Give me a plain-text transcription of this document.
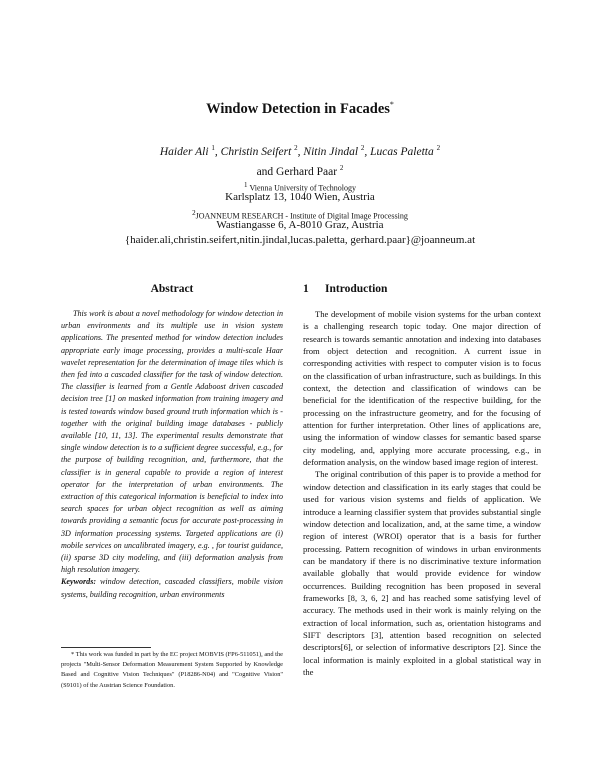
Window Detection in Facades*
Haider Ali $^1$, Christin Seifert $^2$, Nitin Jindal $^2$, Lucas Paletta $^2$
and Gerhard Paar $^2$
$^1$ Vienna University of Technology
Karlsplatz 13, 1040 Wien, Austria
$^2$JOANNEUM RESEARCH - Institute of Digital Image Processing
Wastiangasse 6, A-8010 Graz, Austria
{haider.ali,christin.seifert,nitin.jindal,lucas.paletta, gerhard.paar}@joanneum.at
Abstract

This work is about a novel methodology for window detection in urban environments and its multiple use in vision system applications. The presented method for window detection includes appropriate early image processing, provides a multi-scale Haar wavelet representation for the determination of image tiles which is then fed into a cascaded classifier for the task of window detection. The classifier is learned from a Gentle Adaboost driven cascaded decision tree [1] on masked information from training imagery and is tested towards window based ground truth information which is - together with the original building image databases - publicly available [10, 11, 13]. The experimental results demonstrate that single window detection is to a sufficient degree successful, e.g., for the purpose of building recognition, and, furthermore, that the classifier is in general capable to provide a region of interest operator for the interpretation of urban environments. The extraction of this categorical information is beneficial to index into search spaces for urban object recognition as well as aiming towards providing a semantic focus for accurate post-processing in 3D information processing systems. Targeted applications are (i) mobile services on uncalibrated imagery, e.g. , for tourist guidance, (ii) sparse 3D city modeling, and (iii) deformation analysis from high resolution imagery.

Keywords: window detection, cascaded classifiers, mobile vision systems, building recognition, urban environments

* This work was funded in part by the EC project MOBVIS (FP6-511051), and the projects "Multi-Sensor Deformation Measurement System Supported by Knowledge Based and Cognitive Vision Techniques" (P18286-N04) and "Cognitive Vision" (S9101) of the Austrian Science Foundation.

1 Introduction

The development of mobile vision systems for the urban context is a challenging research topic today. One major direction of research is towards semantic annotation and indexing into databases from object detection and recognition. A current issue in corresponding activities with respect to computer vision is to focus on the classification of urban infrastructure, such as buildings. In this context, the detection and classification of windows can be beneficial for the identification of the respective building, for the processing on the infrastructure geometry, and for the focusing of attention for further interpretation. Other lines of applications are, using the information of window classes for semantic based sparse city modeling, and, applying more accurate processing, e.g., in deformation analysis, on the window based image region of interest.

The original contribution of this paper is to provide a method for window detection and classification in its early stages that could be used for various vision systems and fields of application. We introduce a learning classifier system that provides substantial single window detection and localization, and, at the same time, a window region of interest (WROI) operator that is a basis for further processing. Pattern recognition of windows in urban environments can be mandatory if there is no discriminative texture information available globally that would provide evidence for window occurrences. Building recognition has been proposed in several frameworks [8, 3, 6, 2] and has reached some satisfying level of accuracy. The methods used in their work is mainly relying on the extraction of local information, such as, orientation histograms and SIFT descriptors [3], attention based recognition on selected descriptors[6], or selection of informative descriptors [2]. Since the local information is mainly exploited in a global statistical way in the
